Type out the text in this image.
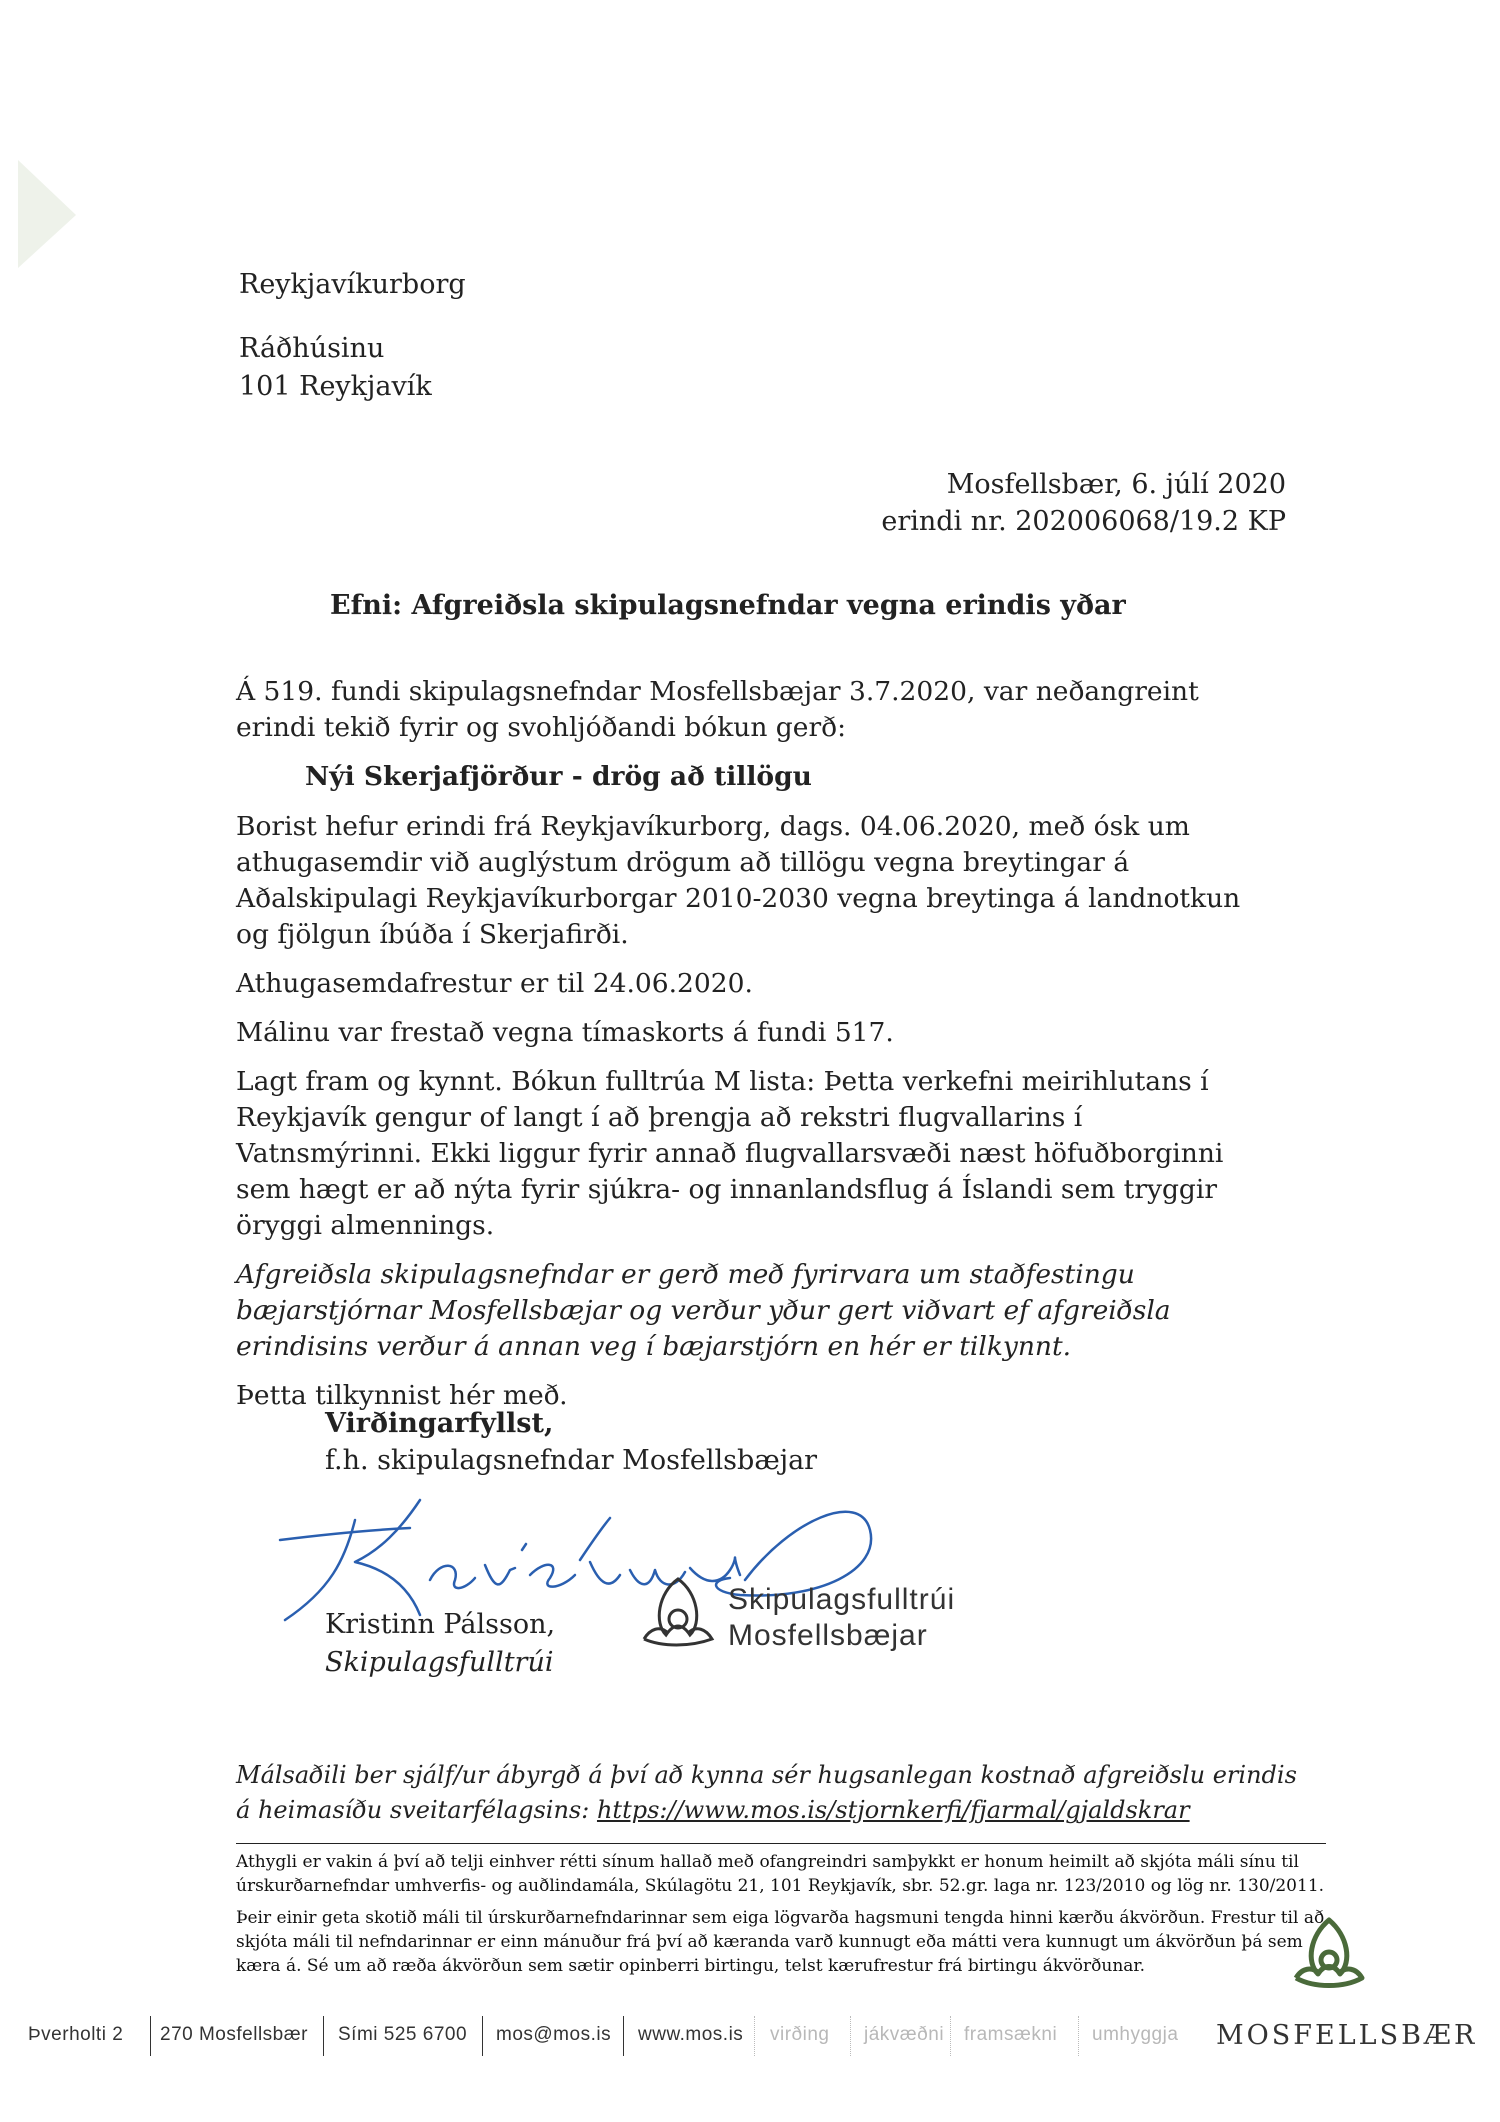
Reykjavíkurborg
Ráðhúsinu
101 Reykjavík
Mosfellsbær, 6. júlí 2020
erindi nr. 202006068/19.2 KP
Efni: Afgreiðsla skipulagsnefndar vegna erindis yðar

Á 519. fundi skipulagsnefndar Mosfellsbæjar 3.7.2020, var neðangreint erindi tekið fyrir og svohljóðandi bókun gerð:

Nýi Skerjafjörður - drög að tillögu

Borist hefur erindi frá Reykjavíkurborg, dags. 04.06.2020, með ósk um athugasemdir við auglýstum drögum að tillögu vegna breytingar á Aðalskipulagi Reykjavíkurborgar 2010-2030 vegna breytinga á landnotkun og fjölgun íbúða í Skerjafirði.

Athugasemdafrestur er til 24.06.2020.

Málinu var frestað vegna tímaskorts á fundi 517.

Lagt fram og kynnt. Bókun fulltrúa M lista: Þetta verkefni meirihlutans í Reykjavík gengur of langt í að þrengja að rekstri flugvallarins í Vatnsmýrinni. Ekki liggur fyrir annað flugvallarsvæði næst höfuðborginni sem hægt er að nýta fyrir sjúkra- og innanlandsflug á Íslandi sem tryggir öryggi almennings.

Afgreiðsla skipulagsnefndar er gerð með fyrirvara um staðfestingu bæjarstjórnar Mosfellsbæjar og verður yður gert viðvart ef afgreiðsla erindisins verður á annan veg í bæjarstjórn en hér er tilkynnt.

Þetta tilkynnist hér með.

Virðingarfyllst,
f.h. skipulagsnefndar Mosfellsbæjar
Kristinn Pálsson,
Skipulagsfulltrúi
Skipulagsfulltrúi
Mosfellsbæjar
Málsaðili ber sjálf/ur ábyrgð á því að kynna sér hugsanlegan kostnað afgreiðslu erindis
á heimasíðu sveitarfélagsins: https://www.mos.is/stjornkerfi/fjarmal/gjaldskrar

Athygli er vakin á því að telji einhver rétti sínum hallað með ofangreindri samþykkt er honum heimilt að skjóta máli sínu til úrskurðarnefndar umhverfis- og auðlindamála, Skúlagötu 21, 101 Reykjavík, sbr. 52.gr. laga nr. 123/2010 og lög nr. 130/2011.

Þeir einir geta skotið máli til úrskurðarnefndarinnar sem eiga lögvarða hagsmuni tengda hinni kærðu ákvörðun. Frestur til að skjóta máli til nefndarinnar er einn mánuður frá því að kæranda varð kunnugt eða mátti vera kunnugt um ákvörðun þá sem kæra á. Sé um að ræða ákvörðun sem sætir opinberri birtingu, telst kærufrestur frá birtingu ákvörðunar.

Þverholti 2 270 Mosfellsbær Sími 525 6700 mos@mos.is www.mos.is virðing jákvæðni framsækni umhyggja MOSFELLSBÆR
